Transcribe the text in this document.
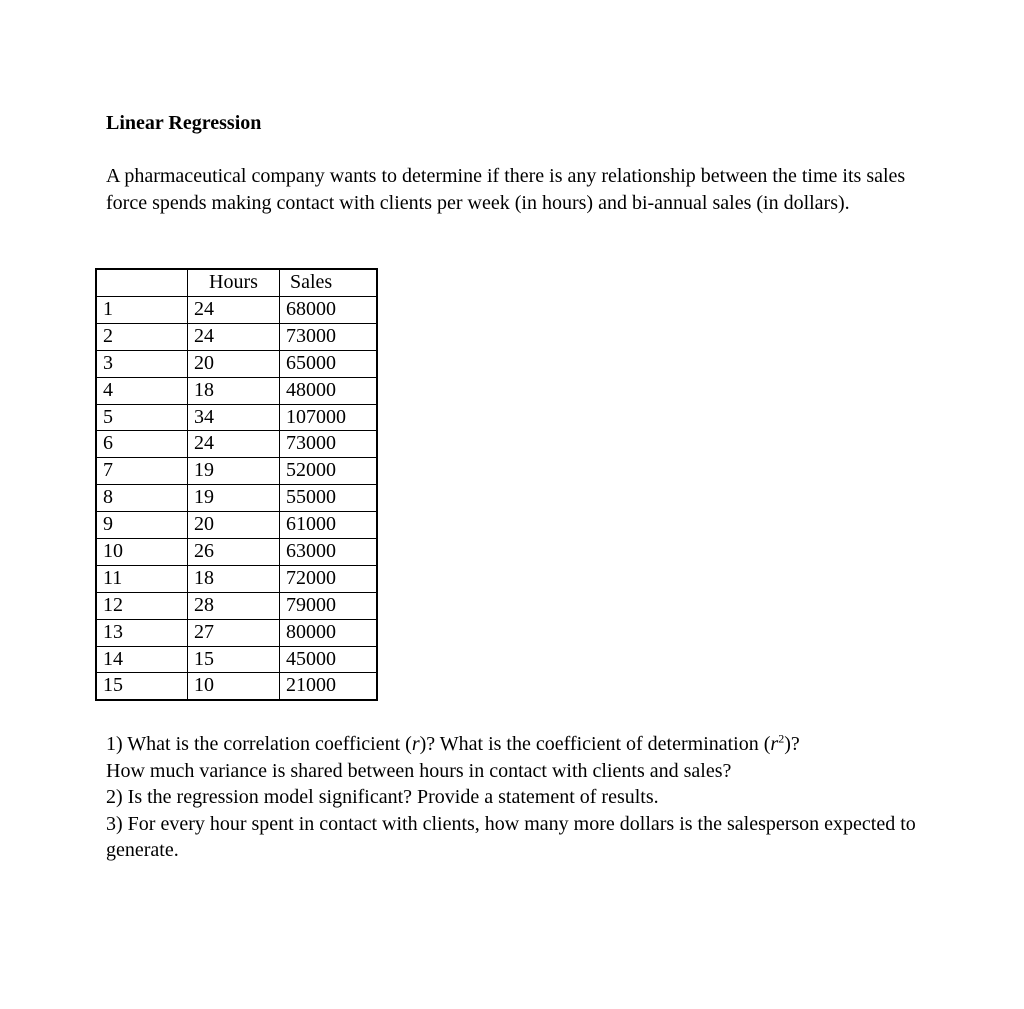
Linear Regression

A pharmaceutical company wants to determine if there is any relationship between the time its sales force spends making contact with clients per week (in hours) and bi-annual sales (in dollars).

	Hours	Sales
1	24	68000
2	24	73000
3	20	65000
4	18	48000
5	34	107000
6	24	73000
7	19	52000
8	19	55000
9	20	61000
10	26	63000
11	18	72000
12	28	79000
13	27	80000
14	15	45000
15	10	21000

1) What is the correlation coefficient (r)? What is the coefficient of determination $(r^2)$?

How much variance is shared between hours in contact with clients and sales?

2) Is the regression model significant? Provide a statement of results.

3) For every hour spent in contact with clients, how many more dollars is the salesperson expected to generate.
